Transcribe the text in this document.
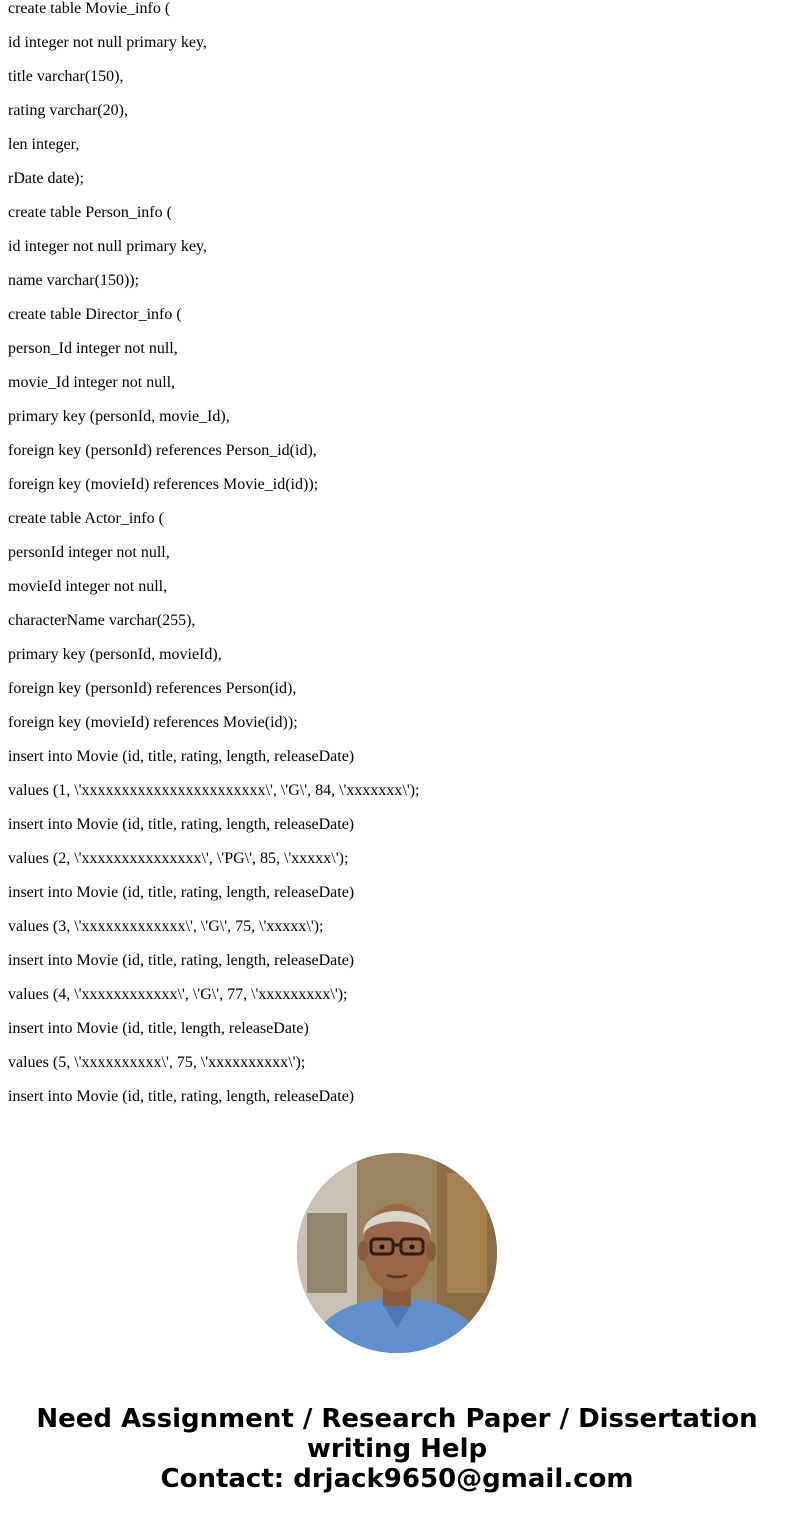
create table Movie_info (

id integer not null primary key,

title varchar(150),

rating varchar(20),

len integer,

rDate date);

create table Person_info (

id integer not null primary key,

name varchar(150));

create table Director_info (

person_Id integer not null,

movie_Id integer not null,

primary key (personId, movie_Id),

foreign key (personId) references Person_id(id),

foreign key (movieId) references Movie_id(id));

create table Actor_info (

personId integer not null,

movieId integer not null,

characterName varchar(255),

primary key (personId, movieId),

foreign key (personId) references Person(id),

foreign key (movieId) references Movie(id));

insert into Movie (id, title, rating, length, releaseDate)

values (1, \'xxxxxxxxxxxxxxxxxxxxxxx\', \'G\', 84, \'xxxxxxx\');

insert into Movie (id, title, rating, length, releaseDate)

values (2, \'xxxxxxxxxxxxxxx\', \'PG\', 85, \'xxxxx\');

insert into Movie (id, title, rating, length, releaseDate)

values (3, \'xxxxxxxxxxxxx\', \'G\', 75, \'xxxxx\');

insert into Movie (id, title, rating, length, releaseDate)

values (4, \'xxxxxxxxxxxx\', \'G\', 77, \'xxxxxxxxx\');

insert into Movie (id, title, length, releaseDate)

values (5, \'xxxxxxxxxx\', 75, \'xxxxxxxxxx\');

insert into Movie (id, title, rating, length, releaseDate)

Need Assignment / Research Paper / Dissertation
writing Help
Contact: drjack9650@gmail.com
